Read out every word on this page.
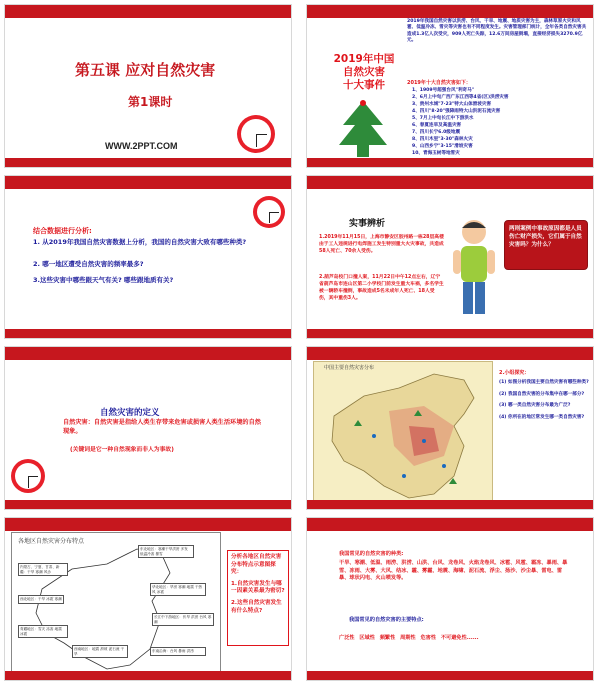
第五课 应对自然灾害
第1课时
WWW.2PPT.COM
2019年中国
自然灾害
十大事件
2019年我国自然灾害以洪涝、台风、干旱、地震、地质灾害为主，森林草原火灾和风雹、低温冷冻、雪灾等灾害也有不同程度发生。灾害管理部门统计，全年各类自然灾害共造成1.3亿人次受灾，909人死亡失踪，12.6万间房屋倒塌，直接经济损失3270.9亿元。
2019年十大自然灾害如下：
1、1909号超强台风"利奇马"
2、6月上中旬广西广东江西等4省(区)洪涝灾害
3、贵州水城"7·23"特大山体滑坡灾害
4、四川"8·20"强降雨特大山洪泥石流灾害
5、7月上中旬长江中下游洪水
6、春夏连旱及高温灾害
7、四川长宁6.0级地震
8、四川木里"3·30"森林火灾
9、山西乡宁"3·15"滑坡灾害
10、青海玉树等地雪灾
结合数据进行分析:
1. 从2019年我国自然灾害数据上分析，我国的自然灾害大致有哪些种类?
2. 哪一地区遭受自然灾害的频率最多?
3.这些灾害中哪些跟天气有关? 哪些跟地质有关?
实事辨析
1.2019年11月15日，上海市静安区胶州路一栋28层高楼由于工人违规进行电焊施工发生特别重大火灾事故，共造成58人死亡、70余人受伤。
2.葫芦岛校门口撞人案，11月22日中午12点左右，辽宁省葫芦岛市连山区第二小学校门前发生重大车祸，多名学生被一辆轿车撞倒，事故造成5名未成年人死亡、18人受伤，其中重伤3人。
两则案例中事故原因都是人员伤亡财产损失，它们属于自然灾害吗？为什么？
自然灾害的定义
自然灾害：自然灾害是指给人类生存带来危害或损害人类生活环境的自然现象。
(关键词是它一种自然现象而非人为事故)
中国主要自然灾害分布
2.小组探究：
(1) 如图分析我国主要自然灾害有哪些种类?
(2) 我国自然灾害的分布集中在哪一部分?
(3) 哪一类自然灾害分布最为广泛?
(4) 你所在的地区常发生哪一类自然灾害?
各地区自然灾害分布特点
东北地区：寒潮干旱洪涝 多发 低温冷害 暴雪
内蒙古、宁夏、甘肃、新疆：干旱 寒潮 风沙
华北地区：旱涝 寒潮 地震 干热风 冰雹
西北地区：干旱 冰雹 寒潮
长江中下游地区：伏旱 洪涝 台风 寒潮
青藏地区：雪灾 冻害 地震 冰雹
西南地区：地震 滑坡 泥石流 干旱
东南沿海：台风 暴雨 洪涝
分析各地区自然灾害分布特点示意图探究：
1.自然灾害发生与哪一因素关系最为密切?
2.这些自然灾害发生有什么特点?
我国常见的自然灾害的种类:
干旱、寒潮、低温、雨涝、洪涝、山洪、台风、龙卷风、火焰龙卷风、冰雹、风雹、霜冻、暴雨、暴雪、冻雨、大雾、大风、结冰、霾、雾霾、地震、海啸、泥石流、浮尘、扬沙、沙尘暴、雷电、雷暴、球状闪电、火山喷发等。
我国常见的自然灾害的主要特点:
广泛性 区域性 频繁性 周期性 危害性 不可避免性......
